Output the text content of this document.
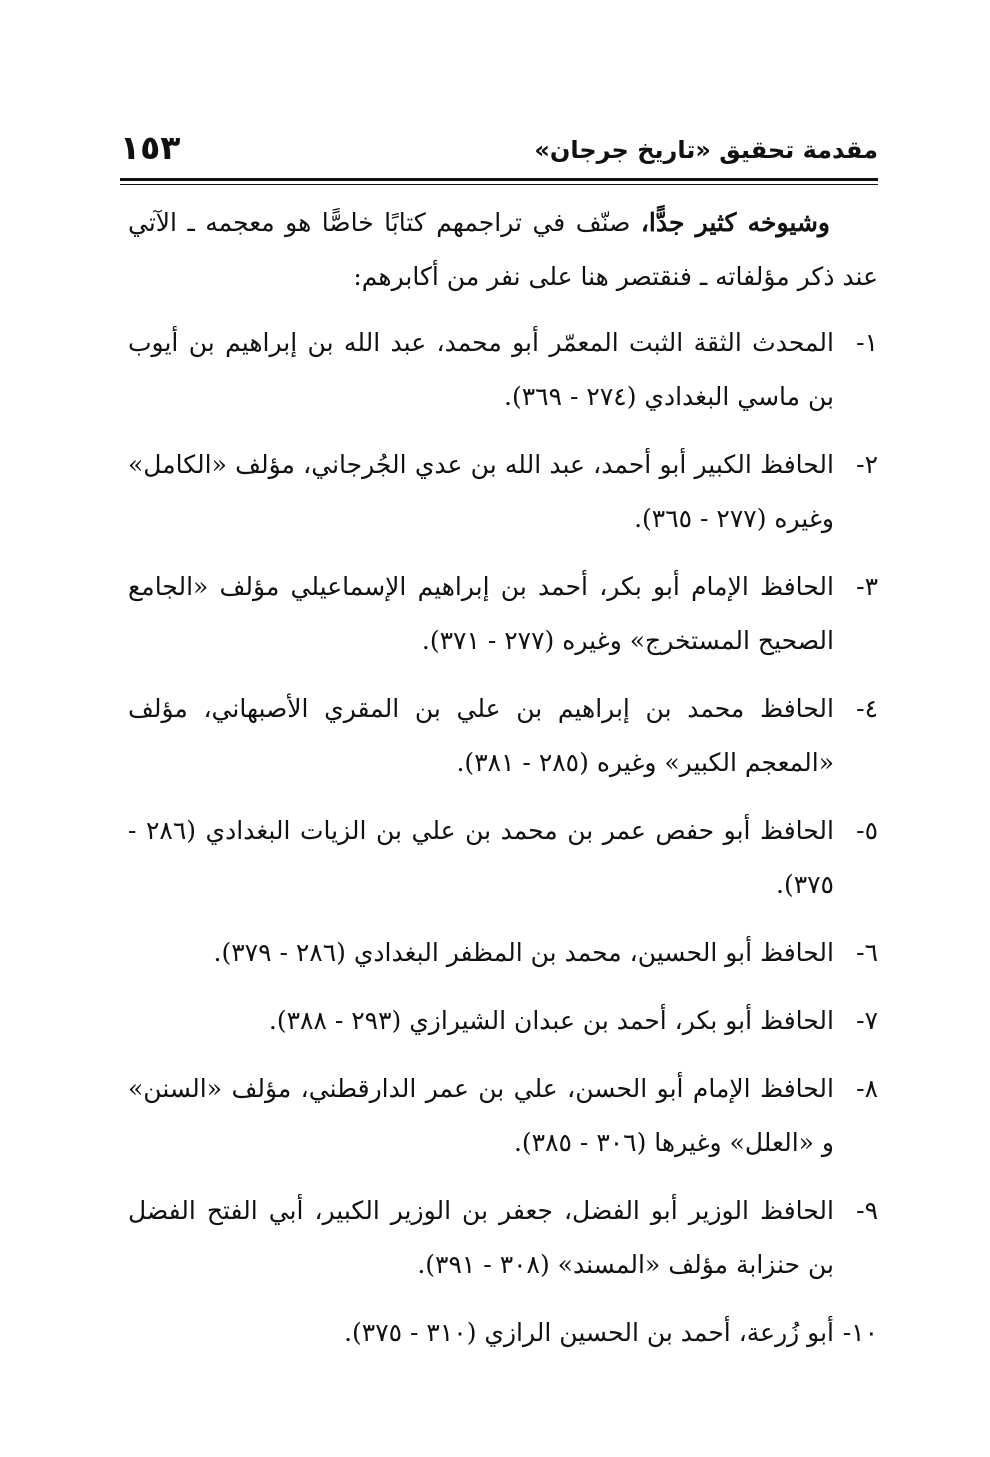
مقدمة تحقيق «تاريخ جرجان»
١٥٣

وشيوخه كثير جدًّا، صنّف في تراجمهم كتابًا خاصًّا هو معجمه ـ الآتي عند ذكر مؤلفاته ـ فنقتصر هنا على نفر من أكابرهم:

١-
المحدث الثقة الثبت المعمّر أبو محمد، عبد الله بن إبراهيم بن أيوب بن ماسي البغدادي (٢٧٤ - ٣٦٩).
٢-
الحافظ الكبير أبو أحمد، عبد الله بن عدي الجُرجاني، مؤلف «الكامل» وغيره (٢٧٧ - ٣٦٥).
٣-
الحافظ الإمام أبو بكر، أحمد بن إبراهيم الإسماعيلي مؤلف «الجامع الصحيح المستخرج» وغيره (٢٧٧ - ٣٧١).
٤-
الحافظ محمد بن إبراهيم بن علي بن المقري الأصبهاني، مؤلف «المعجم الكبير» وغيره (٢٨٥ - ٣٨١).
٥-
الحافظ أبو حفص عمر بن محمد بن علي بن الزيات البغدادي (٢٨٦ - ٣٧٥).
٦-
الحافظ أبو الحسين، محمد بن المظفر البغدادي (٢٨٦ - ٣٧٩).
٧-
الحافظ أبو بكر، أحمد بن عبدان الشيرازي (٢٩٣ - ٣٨٨).
٨-
الحافظ الإمام أبو الحسن، علي بن عمر الدارقطني، مؤلف «السنن» و «العلل» وغيرها (٣٠٦ - ٣٨٥).
٩-
الحافظ الوزير أبو الفضل، جعفر بن الوزير الكبير، أبي الفتح الفضل بن حنزابة مؤلف «المسند» (٣٠٨ - ٣٩١).
١٠-
أبو زُرعة، أحمد بن الحسين الرازي (٣١٠ - ٣٧٥).
